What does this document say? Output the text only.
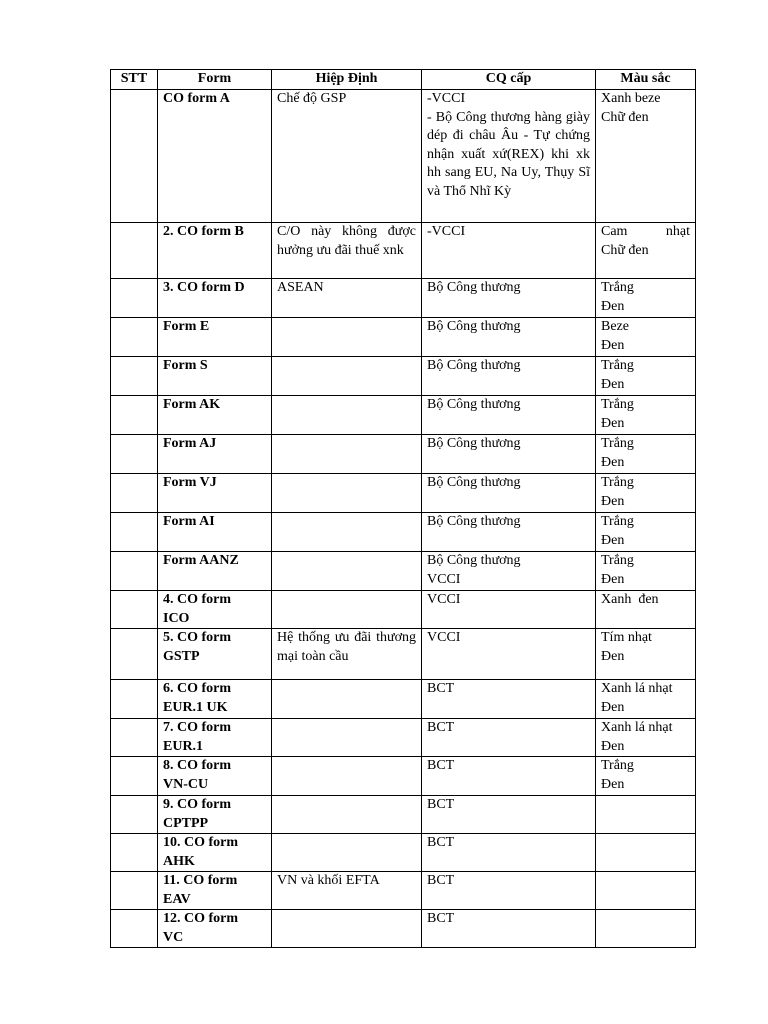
STT	Form	Hiệp Định	CQ cấp	Màu sắc
	CO form A	Chế độ GSP	-VCCI
- Bộ Công thương hàng giày dép đi châu Âu - Tự chứng nhận xuất xứ(REX) khi xk hh sang EU, Na Uy, Thụy Sĩ và Thổ Nhĩ Kỳ	Xanh beze
Chữ đen

	2. CO form B	C/O này không được hưởng ưu đãi thuế xnk	-VCCI	Cam nhạt
Chữ đen

	3. CO form D	ASEAN	Bộ Công thương	Trắng
Đen

	Form E		Bộ Công thương	Beze
Đen

	Form S		Bộ Công thương	Trắng
Đen

	Form AK		Bộ Công thương	Trắng
Đen

	Form AJ		Bộ Công thương	Trắng
Đen

	Form VJ		Bộ Công thương	Trắng
Đen

	Form AI		Bộ Công thương	Trắng
Đen

	Form AANZ		Bộ Công thương
VCCI	Trắng
Đen

	4. CO form
ICO		VCCI	Xanh  đen

	5. CO form
GSTP	Hệ thống ưu đãi thương mại toàn cầu	VCCI	Tím nhạt
Đen

	6. CO form
EUR.1 UK		BCT	Xanh lá nhạt
Đen

	7. CO form
EUR.1		BCT	Xanh lá nhạt
Đen

	8. CO form
VN-CU		BCT	Trắng
Đen

	9. CO form
CPTPP		BCT	

	10. CO form
AHK		BCT	

	11. CO form
EAV	VN và khối EFTA	BCT	

	12. CO form
VC		BCT	
